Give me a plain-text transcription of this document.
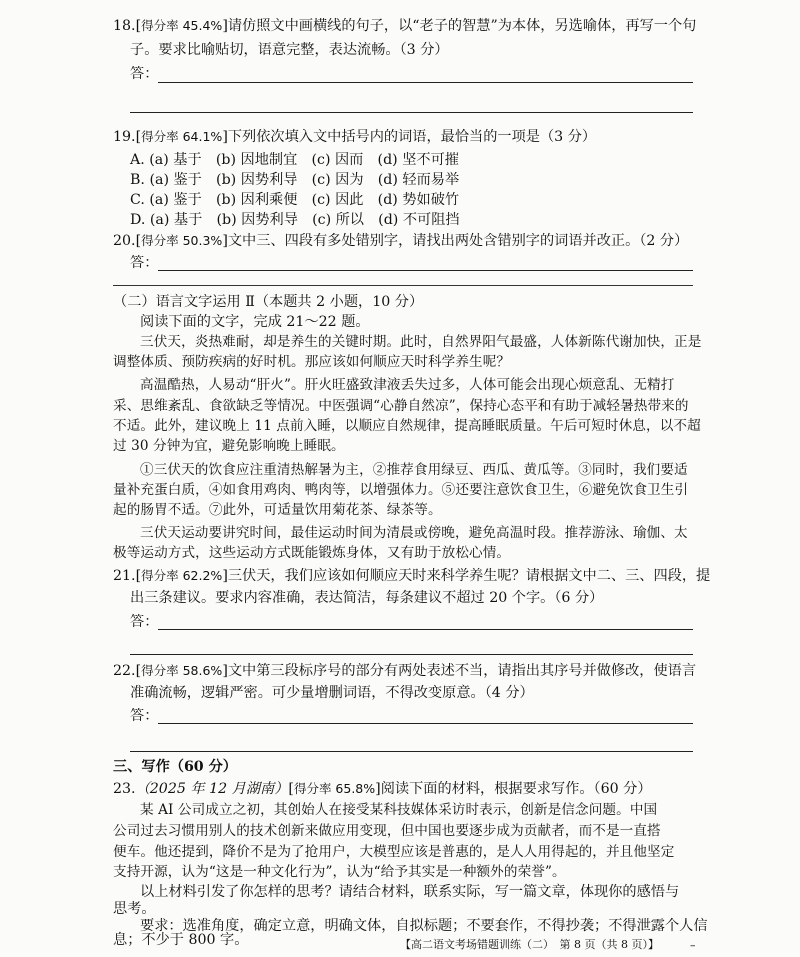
18.[得分率 45.4%]请仿照文中画横线的句子，以“老子的智慧”为本体，另选喻体，再写一个句
子。要求比喻贴切，语意完整，表达流畅。（3 分）
答：
19.[得分率 64.1%]下列依次填入文中括号内的词语，最恰当的一项是（3 分）
A. (a) 基于　(b) 因地制宜　(c) 因而　(d) 坚不可摧
B. (a) 鉴于　(b) 因势利导　(c) 因为　(d) 轻而易举
C. (a) 鉴于　(b) 因利乘便　(c) 因此　(d) 势如破竹
D. (a) 基于　(b) 因势利导　(c) 所以　(d) 不可阻挡
20.[得分率 50.3%]文中三、四段有多处错别字，请找出两处含错别字的词语并改正。（2 分）
答：
（二）语言文字运用 Ⅱ（本题共 2 小题，10 分）
阅读下面的文字，完成 21～22 题。
三伏天，炎热难耐，却是养生的关键时期。此时，自然界阳气最盛，人体新陈代谢加快，正是
调整体质、预防疾病的好时机。那应该如何顺应天时科学养生呢？
高温酷热，人易动“肝火”。肝火旺盛致津液丢失过多，人体可能会出现心烦意乱、无精打
采、思维紊乱、食欲缺乏等情况。中医强调“心静自然凉”，保持心态平和有助于减轻暑热带来的
不适。此外，建议晚上 11 点前入睡，以顺应自然规律，提高睡眠质量。午后可短时休息，以不超
过 30 分钟为宜，避免影响晚上睡眠。
①三伏天的饮食应注重清热解暑为主，②推荐食用绿豆、西瓜、黄瓜等。③同时，我们要适
量补充蛋白质，④如食用鸡肉、鸭肉等，以增强体力。⑤还要注意饮食卫生，⑥避免饮食卫生引
起的肠胃不适。⑦此外，可适量饮用菊花茶、绿茶等。
三伏天运动要讲究时间，最佳运动时间为清晨或傍晚，避免高温时段。推荐游泳、瑜伽、太
极等运动方式，这些运动方式既能锻炼身体，又有助于放松心情。
21.[得分率 62.2%]三伏天，我们应该如何顺应天时来科学养生呢？请根据文中二、三、四段，提
出三条建议。要求内容准确，表达简洁，每条建议不超过 20 个字。（6 分）
答：
22.[得分率 58.6%]文中第三段标序号的部分有两处表述不当，请指出其序号并做修改，使语言
准确流畅，逻辑严密。可少量增删词语，不得改变原意。（4 分）
答：
三、写作（60 分）
23.（2025 年 12 月湖南）[得分率 65.8%]阅读下面的材料，根据要求写作。（60 分）
某 AI 公司成立之初，其创始人在接受某科技媒体采访时表示，创新是信念问题。中国
公司过去习惯用别人的技术创新来做应用变现，但中国也要逐步成为贡献者，而不是一直搭
便车。他还提到，降价不是为了抢用户，大模型应该是普惠的，是人人用得起的，并且他坚定
支持开源，认为“这是一种文化行为”，认为“给予其实是一种额外的荣誉”。
以上材料引发了你怎样的思考？请结合材料，联系实际，写一篇文章，体现你的感悟与
思考。
要求：选准角度，确定立意，明确文体，自拟标题；不要套作，不得抄袭；不得泄露个人信
【高二语文考场错题训练（二）　第 8 页（共 8 页）】	–
息；不少于 800 字。
